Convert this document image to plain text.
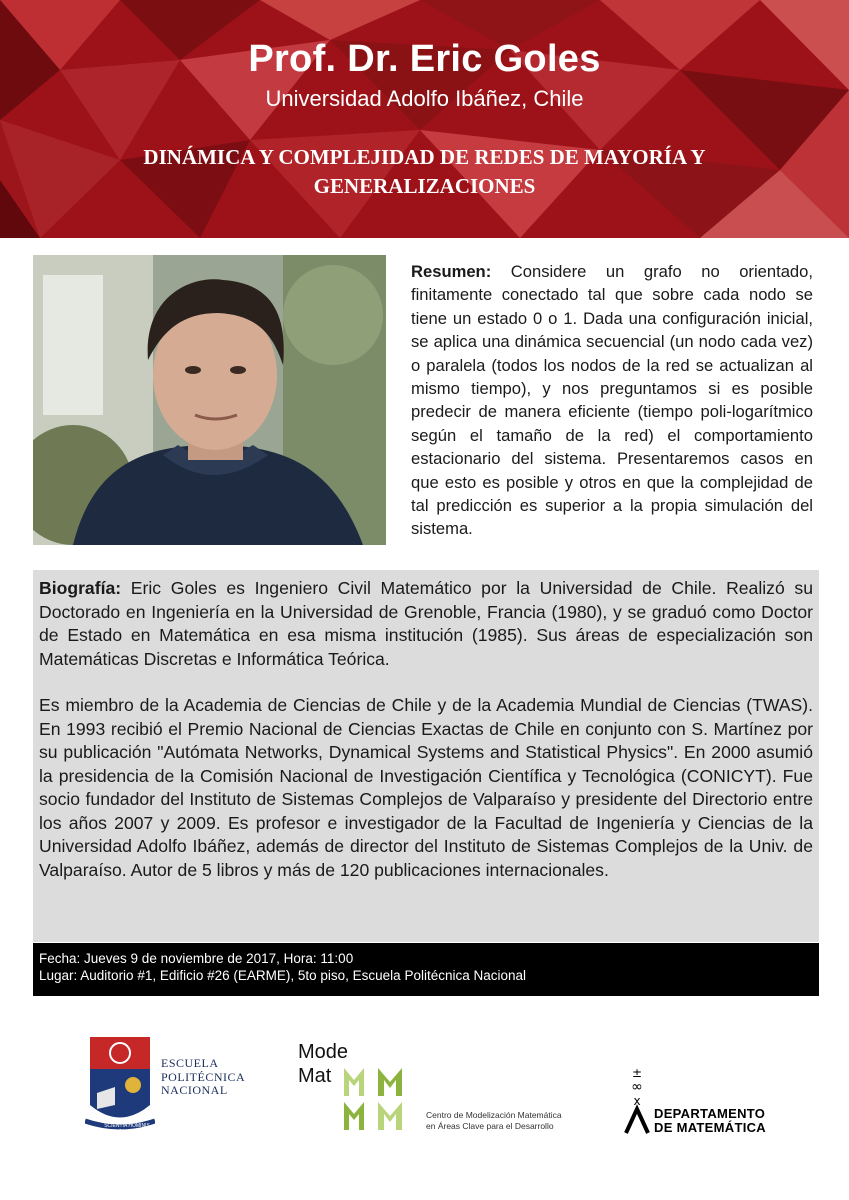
Prof. Dr. Eric Goles
Universidad Adolfo Ibáñez, Chile
DINÁMICA Y COMPLEJIDAD DE REDES DE MAYORÍA Y
GENERALIZACIONES
Resumen: Considere un grafo no orientado, finitamente conectado tal que sobre cada nodo se tiene un estado 0 o 1. Dada una configuración inicial, se aplica una dinámica secuencial (un nodo cada vez) o paralela (todos los nodos de la red se actualizan al mismo tiempo), y nos preguntamos si es posible predecir de manera eficiente (tiempo poli-logarítmico según el tamaño de la red) el comportamiento estacionario del sistema. Presentaremos casos en que esto es posible y otros en que la complejidad de tal predicción es superior a la propia simulación del sistema.

Biografía: Eric Goles es Ingeniero Civil Matemático por la Universidad de Chile. Realizó su Doctorado en Ingeniería en la Universidad de Grenoble, Francia (1980), y se graduó como Doctor de Estado en Matemática en esa misma institución (1985). Sus áreas de especialización son Matemáticas Discretas e Informática Teórica.

Es miembro de la Academia de Ciencias de Chile y de la Academia Mundial de Ciencias (TWAS). En 1993 recibió el Premio Nacional de Ciencias Exactas de Chile en conjunto con S. Martínez por su publicación "Autómata Networks, Dynamical Systems and Statistical Physics". En 2000 asumió la presidencia de la Comisión Nacional de Investigación Científica y Tecnológica (CONICYT). Fue socio fundador del Instituto de Sistemas Complejos de Valparaíso y presidente del Directorio entre los años 2007 y 2009. Es profesor e investigador de la Facultad de Ingeniería y Ciencias de la Universidad Adolfo Ibáñez, además de director del Instituto de Sistemas Complejos de la Univ. de Valparaíso. Autor de 5 libros y más de 120 publicaciones internacionales.

Fecha: Jueves 9 de noviembre de 2017, Hora: 11:00
Lugar: Auditorio #1, Edificio #26 (EARME), 5to piso, Escuela Politécnica Nacional
SCIENTIA HOMINIS SALUS
ESCUELA
POLITÉCNICA
NACIONAL
Mode
Mat
Centro de Modelización Matemática
en Áreas Clave para el Desarrollo
±
∞
x
DEPARTAMENTO
DE MATEMÁTICA
